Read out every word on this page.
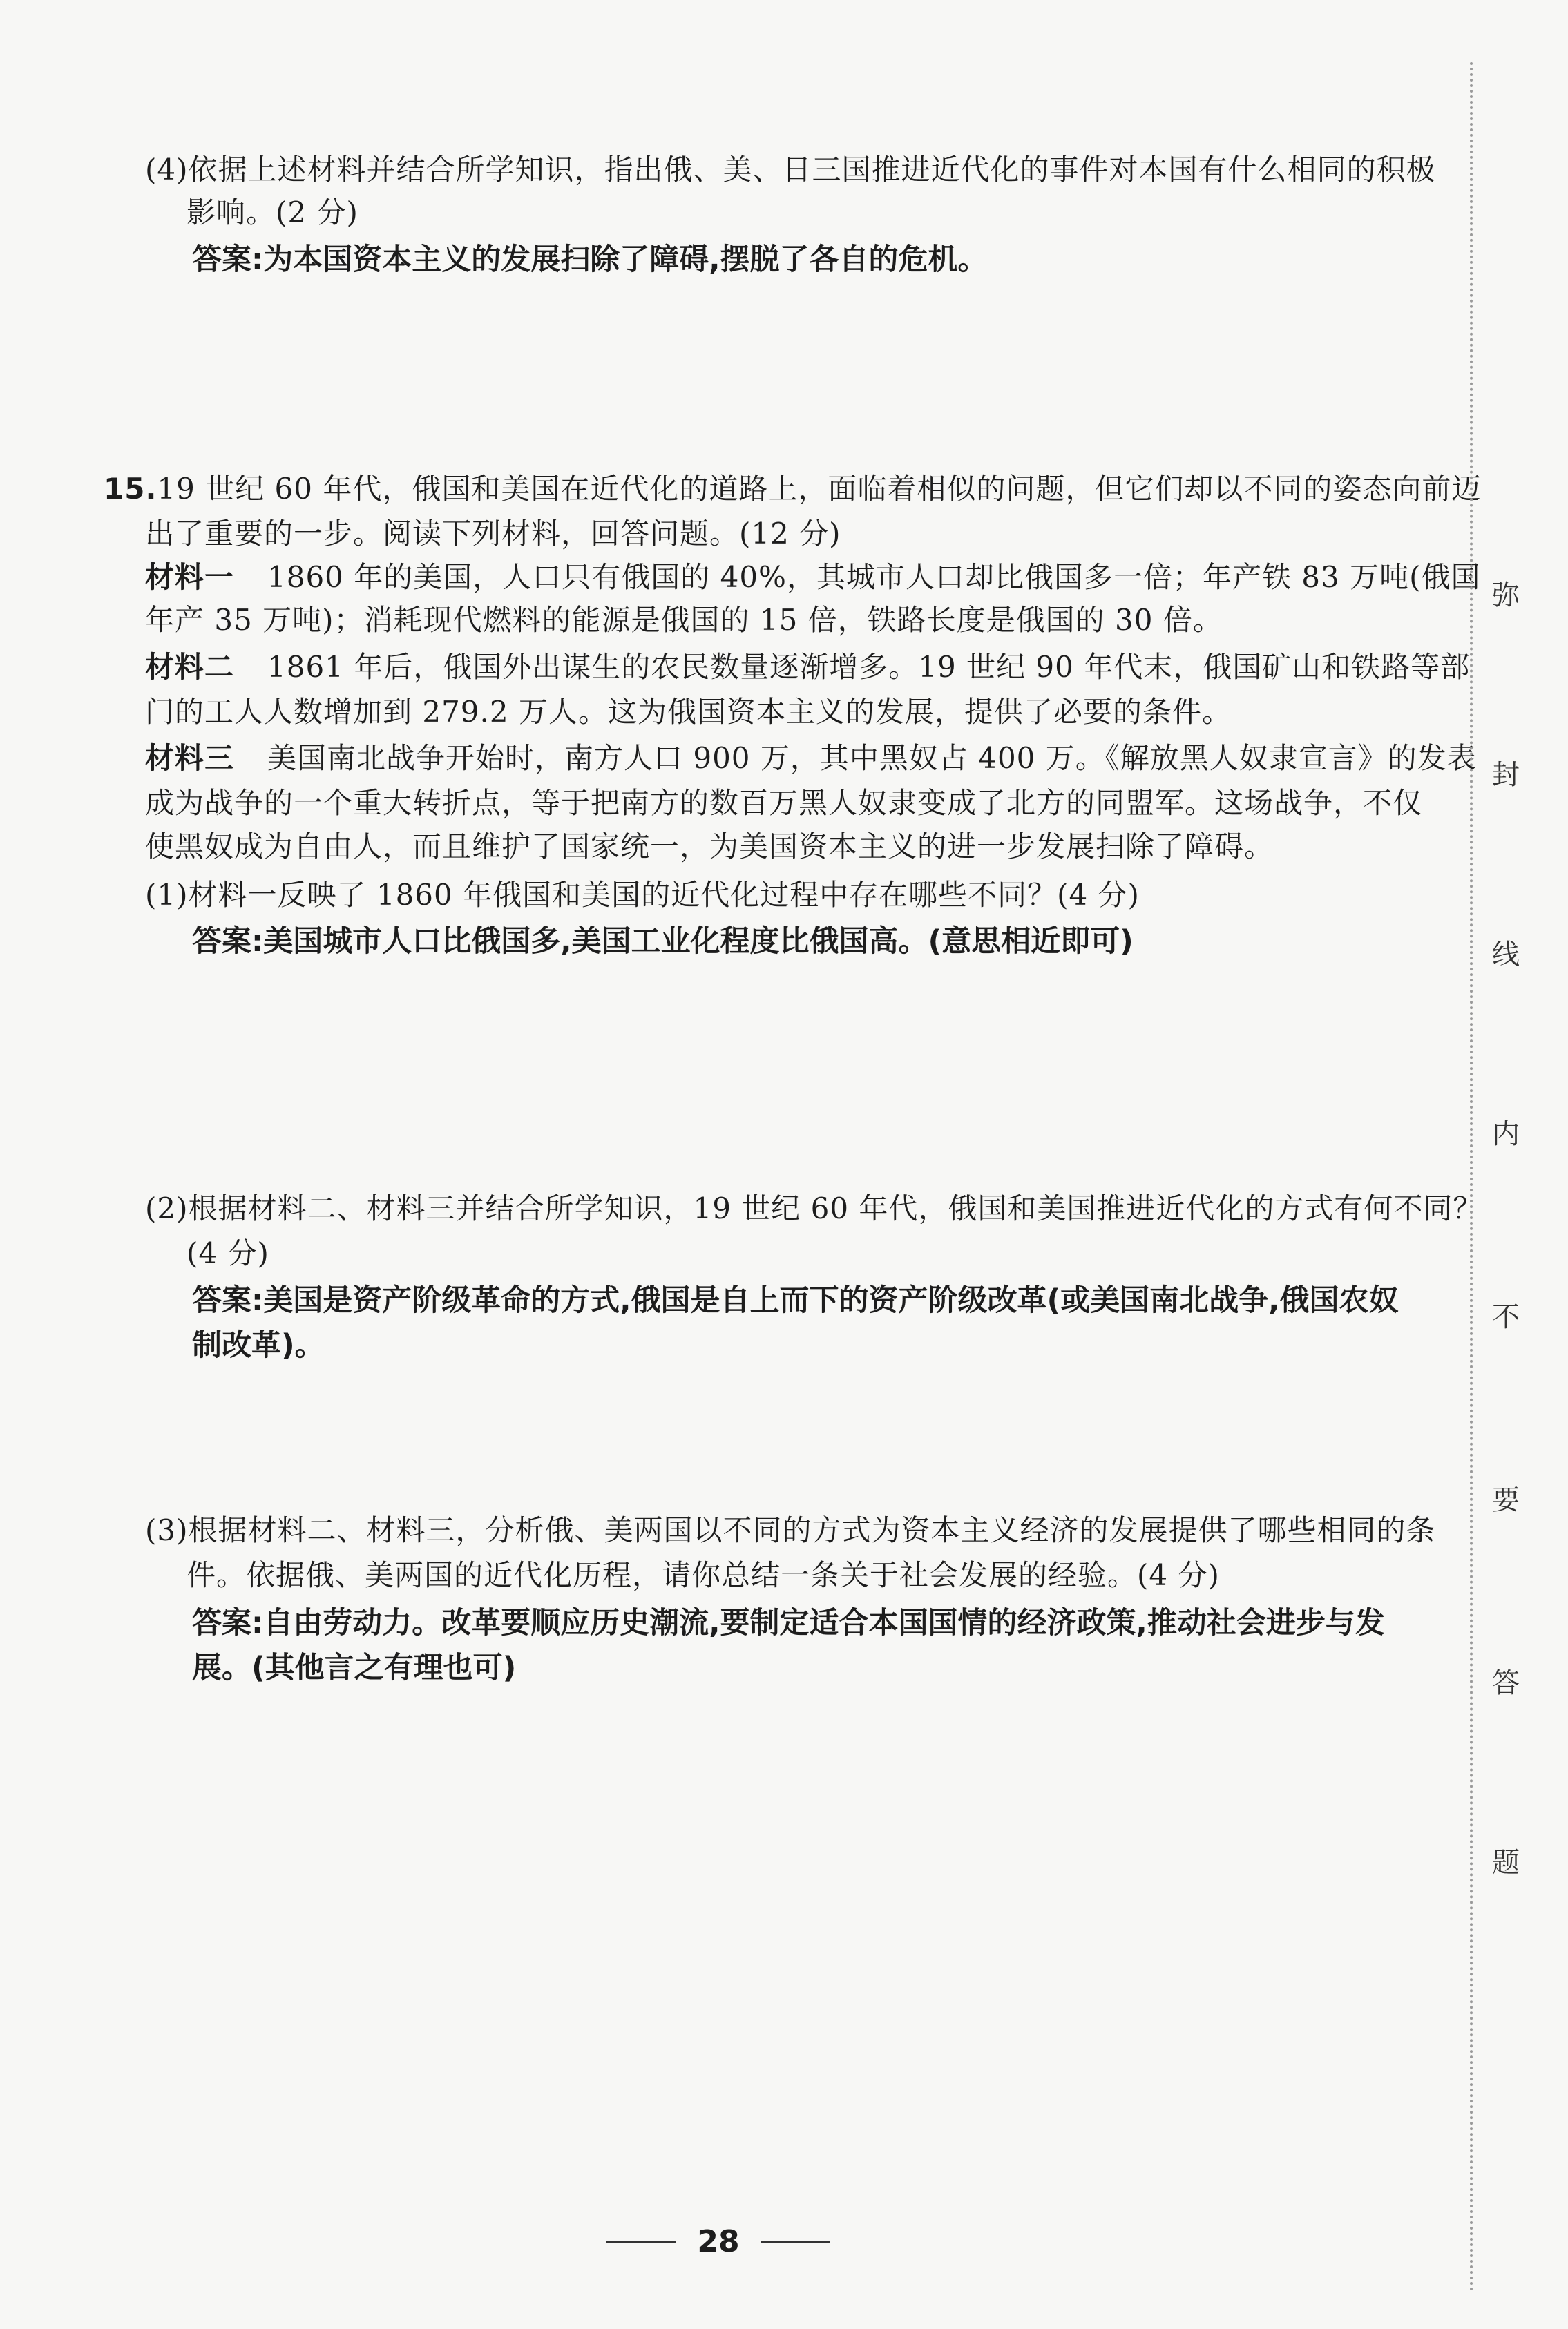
(4)依据上述材料并结合所学知识，指出俄、美、日三国推进近代化的事件对本国有什么相同的积极
影响。(2 分)
答案:为本国资本主义的发展扫除了障碍,摆脱了各自的危机。
15.19 世纪 60 年代，俄国和美国在近代化的道路上，面临着相似的问题，但它们却以不同的姿态向前迈
出了重要的一步。阅读下列材料，回答问题。(12 分)
材料一 1860 年的美国，人口只有俄国的 40%，其城市人口却比俄国多一倍；年产铁 83 万吨(俄国
年产 35 万吨)；消耗现代燃料的能源是俄国的 15 倍，铁路长度是俄国的 30 倍。
材料二 1861 年后，俄国外出谋生的农民数量逐渐增多。19 世纪 90 年代末，俄国矿山和铁路等部
门的工人人数增加到 279.2 万人。这为俄国资本主义的发展，提供了必要的条件。
材料三 美国南北战争开始时，南方人口 900 万，其中黑奴占 400 万。《解放黑人奴隶宣言》的发表
成为战争的一个重大转折点，等于把南方的数百万黑人奴隶变成了北方的同盟军。这场战争，不仅
使黑奴成为自由人，而且维护了国家统一，为美国资本主义的进一步发展扫除了障碍。
(1)材料一反映了 1860 年俄国和美国的近代化过程中存在哪些不同？(4 分)
答案:美国城市人口比俄国多,美国工业化程度比俄国高。(意思相近即可)
(2)根据材料二、材料三并结合所学知识，19 世纪 60 年代，俄国和美国推进近代化的方式有何不同？
(4 分)
答案:美国是资产阶级革命的方式,俄国是自上而下的资产阶级改革(或美国南北战争,俄国农奴
制改革)。
(3)根据材料二、材料三，分析俄、美两国以不同的方式为资本主义经济的发展提供了哪些相同的条
件。依据俄、美两国的近代化历程，请你总结一条关于社会发展的经验。(4 分)
答案:自由劳动力。改革要顺应历史潮流,要制定适合本国国情的经济政策,推动社会进步与发
展。(其他言之有理也可)
弥
封
线
内
不
要
答
题
28
